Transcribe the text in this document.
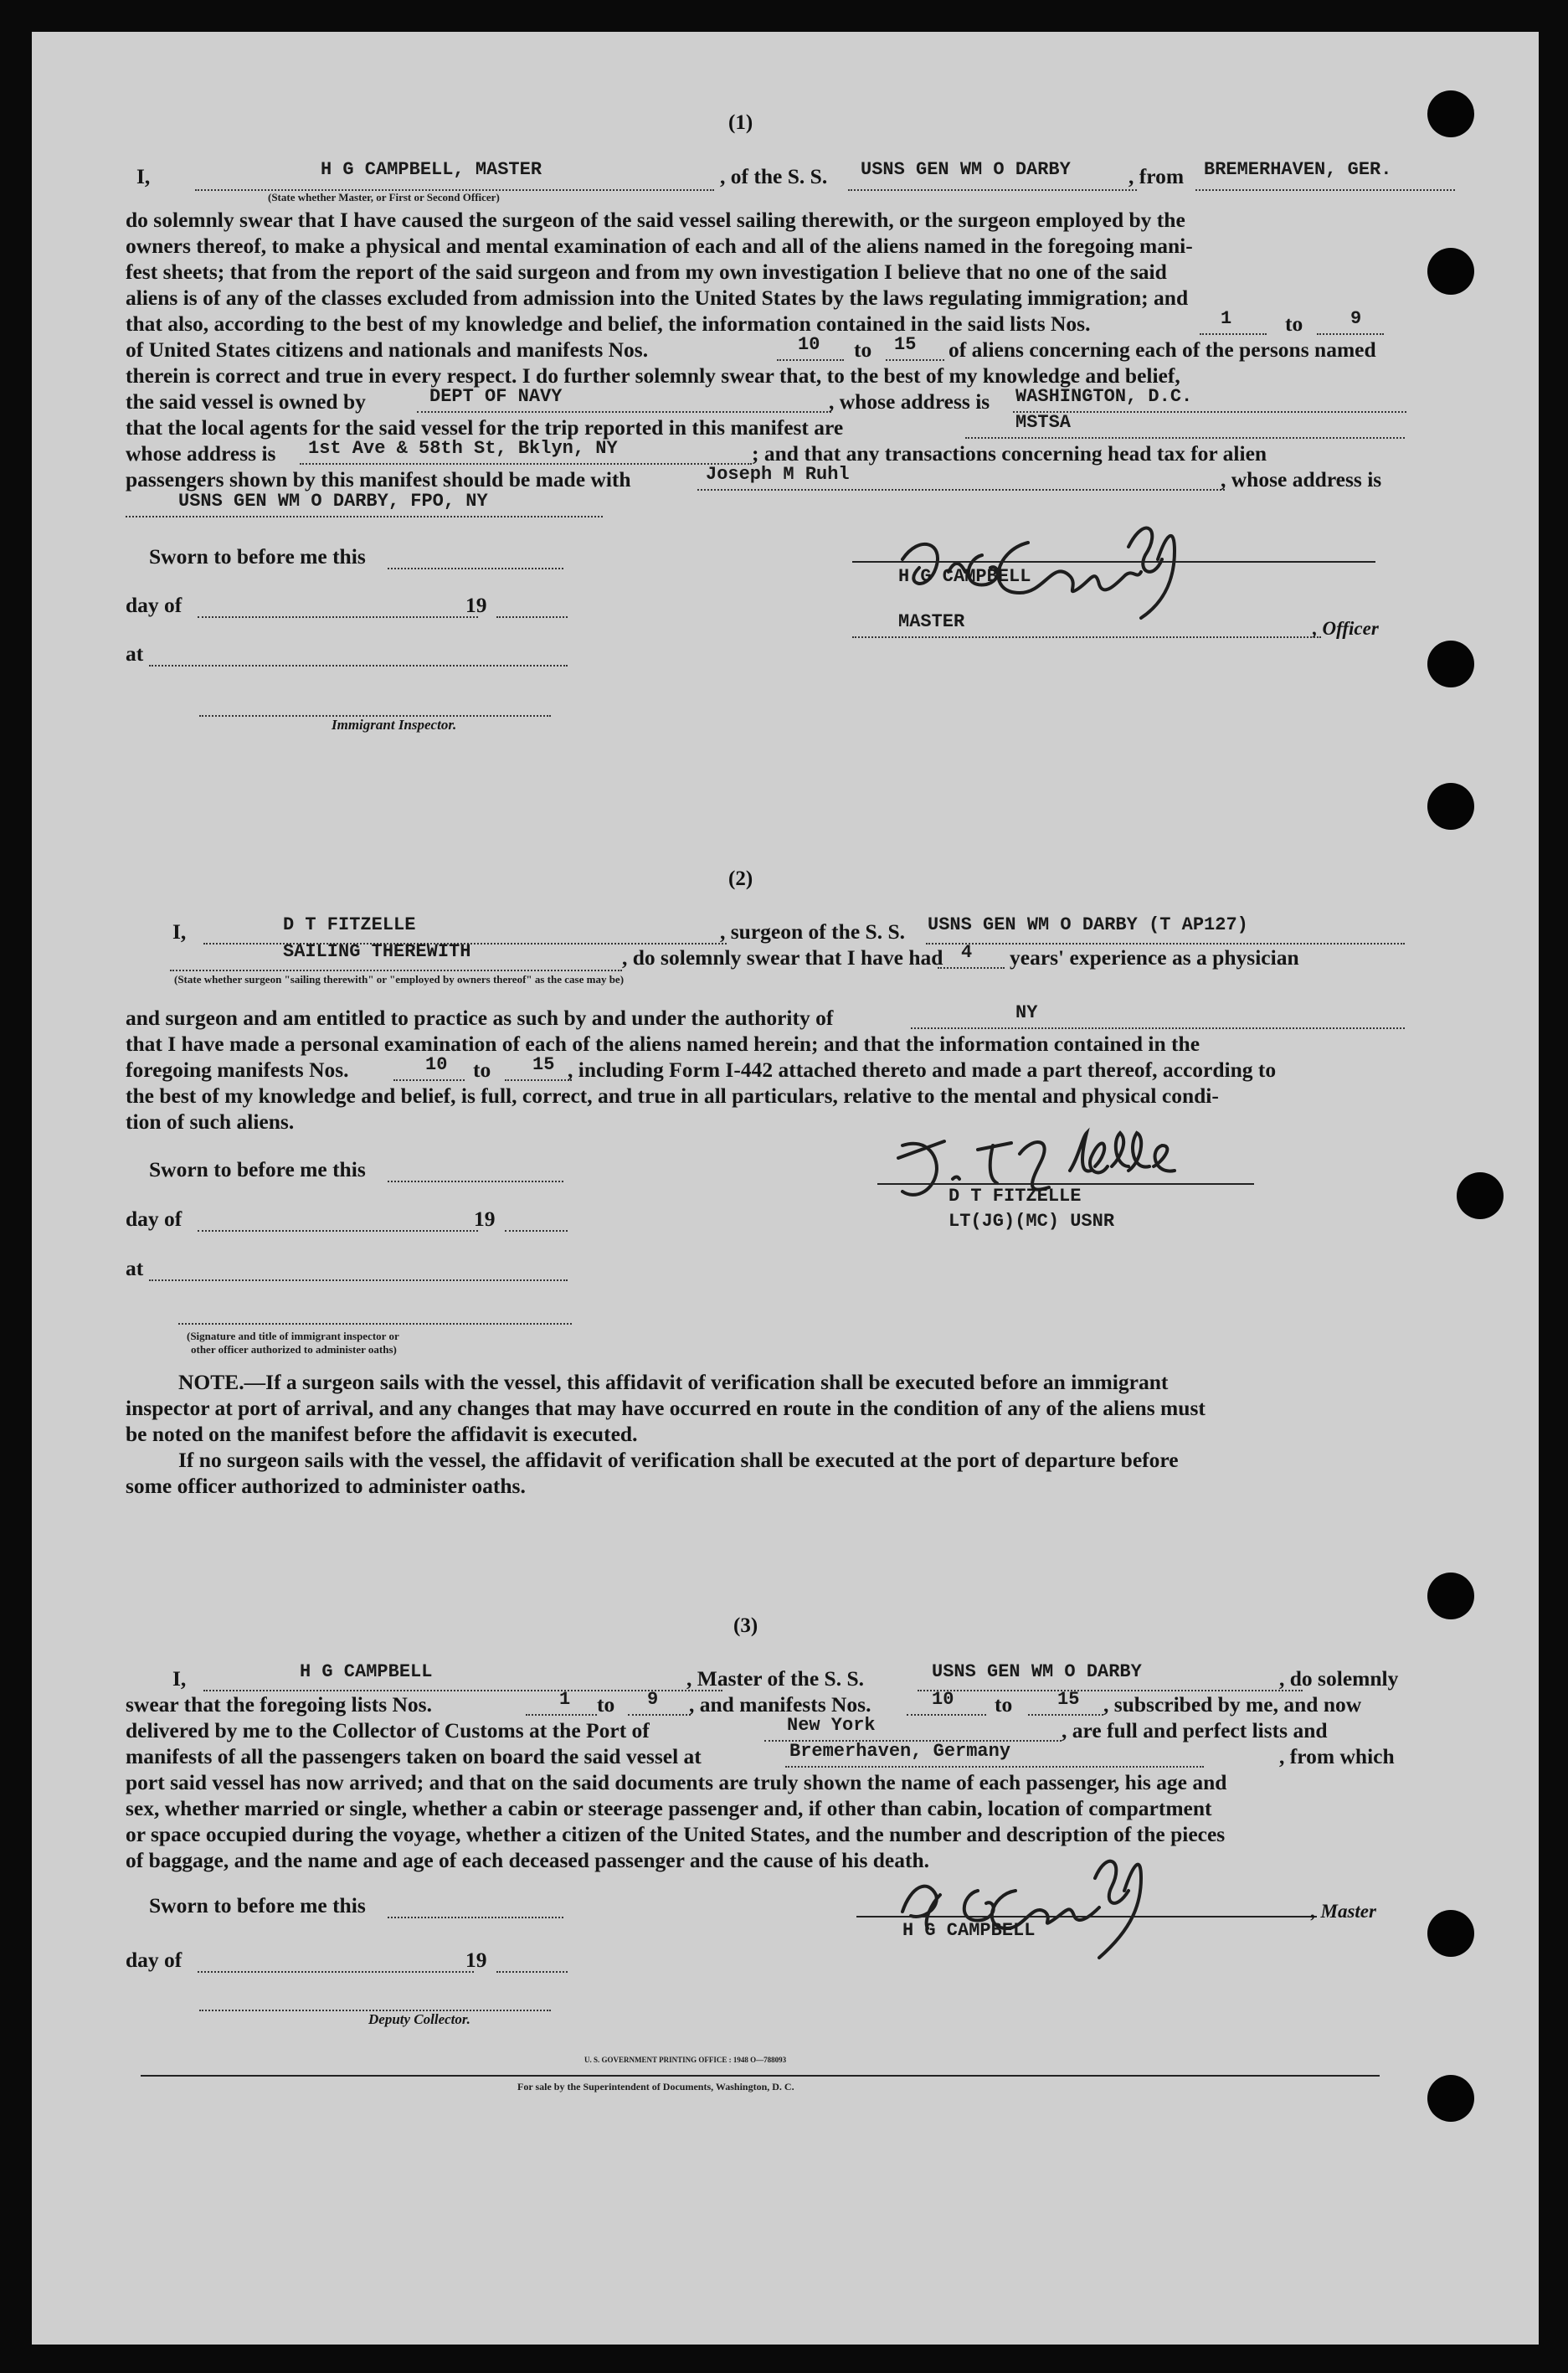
(1)
I,	H G CAMPBELL, MASTER	, of the S. S. USNS GEN WM O DARBY	, from BREMERHAVEN, GER.
(State whether Master, or First or Second Officer)
do solemnly swear that I have caused the surgeon of the said vessel sailing therewith, or the surgeon employed by the
owners thereof, to make a physical and mental examination of each and all of the aliens named in the foregoing mani-
fest sheets; that from the report of the said surgeon and from my own investigation I believe that no one of the said
aliens is of any of the classes excluded from admission into the United States by the laws regulating immigration; and
that also, according to the best of my knowledge and belief, the information contained in the said lists Nos.	1	to	9
of United States citizens and nationals and manifests Nos.	10 to 15 of aliens concerning each of the persons named
therein is correct and true in every respect. I do further solemnly swear that, to the best of my knowledge and belief,
the said vessel is owned by	DEPT OF NAVY	, whose address is WASHINGTON, D.C.
that the local agents for the said vessel for the trip reported in this manifest are	MSTSA
whose address is 1st Ave & 58th St, Bklyn, NY	; and that any transactions concerning head tax for alien
passengers shown by this manifest should be made with	Joseph M Ruhl	, whose address is
USNS GEN WM O DARBY, FPO, NY
Sworn to before me this
day of	19
at
Immigrant Inspector.
H G CAMPBELL
MASTER	, Officer
(2)
I,	D T FITZELLE	, surgeon of the S. S. USNS GEN WM O DARBY (T AP127)
SAILING THEREWITH	, do solemnly swear that I have had 4 years' experience as a physician
(State whether surgeon "sailing therewith" or "employed by owners thereof" as the case may be)
and surgeon and am entitled to practice as such by and under the authority of	NY
that I have made a personal examination of each of the aliens named herein; and that the information contained in the
foregoing manifests Nos.	10 to 15 , including Form I-442 attached thereto and made a part thereof, according to
the best of my knowledge and belief, is full, correct, and true in all particulars, relative to the mental and physical condi-
tion of such aliens.
Sworn to before me this
day of	19
at
(Signature and title of immigrant inspector or
other officer authorized to administer oaths)
D T FITZELLE
LT(JG)(MC) USNR
NOTE.—If a surgeon sails with the vessel, this affidavit of verification shall be executed before an immigrant
inspector at port of arrival, and any changes that may have occurred en route in the condition of any of the aliens must
be noted on the manifest before the affidavit is executed.
If no surgeon sails with the vessel, the affidavit of verification shall be executed at the port of departure before
some officer authorized to administer oaths.
(3)
I,	H G CAMPBELL	, Master of the S. S.	USNS GEN WM O DARBY	, do solemnly
swear that the foregoing lists Nos.	1 to 9 , and manifests Nos.	10 to 15 , subscribed by me, and now
delivered by me to the Collector of Customs at the Port of	New York	, are full and perfect lists and
manifests of all the passengers taken on board the said vessel at	Bremerhaven, Germany	, from which
port said vessel has now arrived; and that on the said documents are truly shown the name of each passenger, his age and
sex, whether married or single, whether a cabin or steerage passenger and, if other than cabin, location of compartment
or space occupied during the voyage, whether a citizen of the United States, and the number and description of the pieces
of baggage, and the name and age of each deceased passenger and the cause of his death.
Sworn to before me this
day of	19
Deputy Collector.
H G CAMPBELL
, Master
U. S. GOVERNMENT PRINTING OFFICE : 1948 O—788093
For sale by the Superintendent of Documents, Washington, D. C.
